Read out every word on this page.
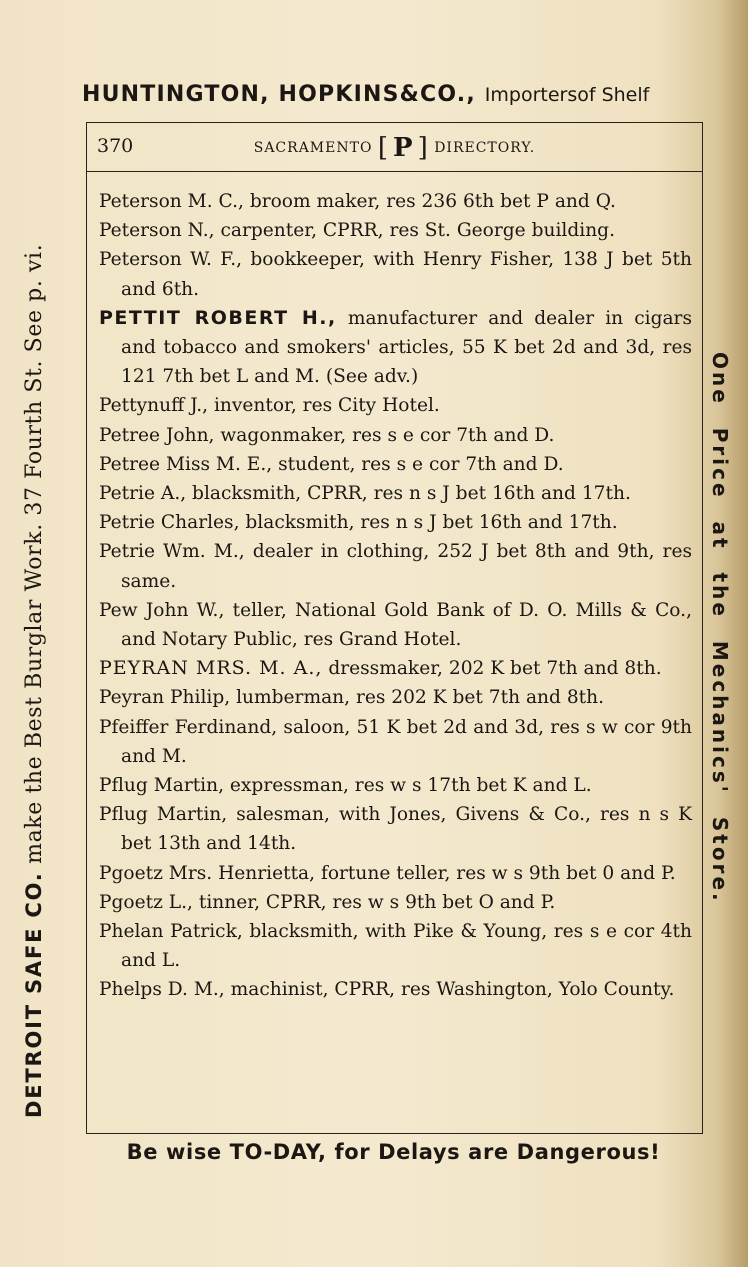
HUNTINGTON, HOPKINS&CO., Importersof Shelf
DETROIT SAFE CO. make the Best Burglar Work. 37 Fourth St. See p. vi.	One Price at the Mechanics' Store.
370	SACRAMENTO [ P ] DIRECTORY.

Peterson M. C., broom maker, res 236 6th bet P and Q.

Peterson N., carpenter, CPRR, res St. George building.

Peterson W. F., bookkeeper, with Henry Fisher, 138 J bet 5th and 6th.

PETTIT ROBERT H., manufacturer and dealer in cigars and tobacco and smokers' articles, 55 K bet 2d and 3d, res 121 7th bet L and M. (See adv.)

Pettynuff J., inventor, res City Hotel.

Petree John, wagonmaker, res s e cor 7th and D.

Petree Miss M. E., student, res s e cor 7th and D.

Petrie A., blacksmith, CPRR, res n s J bet 16th and 17th.

Petrie Charles, blacksmith, res n s J bet 16th and 17th.

Petrie Wm. M., dealer in clothing, 252 J bet 8th and 9th, res same.

Pew John W., teller, National Gold Bank of D. O. Mills & Co., and Notary Public, res Grand Hotel.

PEYRAN MRS. M. A., dressmaker, 202 K bet 7th and 8th.

Peyran Philip, lumberman, res 202 K bet 7th and 8th.

Pfeiffer Ferdinand, saloon, 51 K bet 2d and 3d, res s w cor 9th and M.

Pflug Martin, expressman, res w s 17th bet K and L.

Pflug Martin, salesman, with Jones, Givens & Co., res n s K bet 13th and 14th.

Pgoetz Mrs. Henrietta, fortune teller, res w s 9th bet 0 and P.

Pgoetz L., tinner, CPRR, res w s 9th bet O and P.

Phelan Patrick, blacksmith, with Pike & Young, res s e cor 4th and L.

Phelps D. M., machinist, CPRR, res Washington, Yolo County.

Be wise TO-DAY, for Delays are Dangerous!
